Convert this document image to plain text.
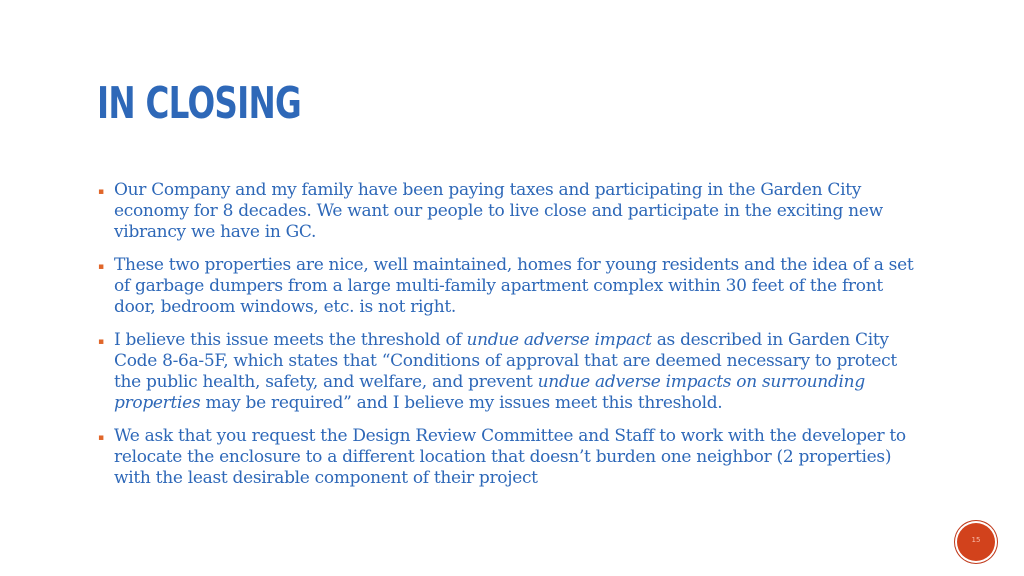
IN CLOSING
▪ Our Company and my family have been paying taxes and participating in the Garden City economy for 8 decades. We want our people to live close and participate in the exciting new vibrancy we have in GC.
▪ These two properties are nice, well maintained, homes for young residents and the idea of a set of garbage dumpers from a large multi-family apartment complex within 30 feet of the front door, bedroom windows, etc. is not right.
▪ I believe this issue meets the threshold of undue adverse impact as described in Garden City Code 8-6a-5F, which states that “Conditions of approval that are deemed necessary to protect the public health, safety, and welfare, and prevent undue adverse impacts on surrounding properties may be required” and I believe my issues meet this threshold.
▪ We ask that you request the Design Review Committee and Staff to work with the developer to relocate the enclosure to a different location that doesn’t burden one neighbor (2 properties) with the least desirable component of their project
15
